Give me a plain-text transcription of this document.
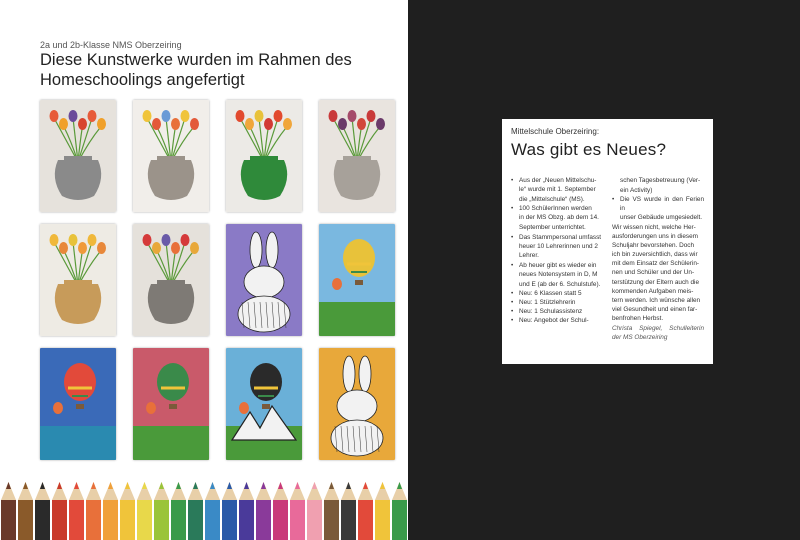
2a und 2b-Klasse NMS Oberzeiring
Diese Kunstwerke wurden im Rahmen des Homeschoolings angefertigt
Mittelschule Oberzeiring:
Was gibt es Neues?
• Aus der „Neuen Mittelschu-
le“ wurde mit 1. September
die „Mittelschule“ (MS).
• 100 SchülerInnen werden
in der MS Obzg. ab dem 14.
September unterrichtet.
• Das Stammpersonal umfasst
heuer 10 Lehrerinnen und 2
Lehrer.
• Ab heuer gibt es wieder ein
neues Notensystem in D, M
und E (ab der 6. Schulstufe).
• Neu: 6 Klassen statt 5
• Neu: 1 Stützlehrerin
• Neu: 1 Schulassistenz
• Neu: Angebot der Schul-
schen Tagesbetreuung (Ver-
ein Activity)
• Die VS wurde in den Ferien in
unser Gebäude umgesiedelt.
Wir wissen nicht, welche Her-
ausforderungen uns in diesem
Schuljahr bevorstehen. Doch
ich bin zuversichtlich, dass wir
mit dem Einsatz der Schülerin-
nen und Schüler und der Un-
terstützung der Eltern auch die
kommenden Aufgaben meis-
tern werden. Ich wünsche allen
viel Gesundheit und einen far-
benfrohen Herbst.
Christa Spiegel, Schulleiterin der MS Oberzeiring
